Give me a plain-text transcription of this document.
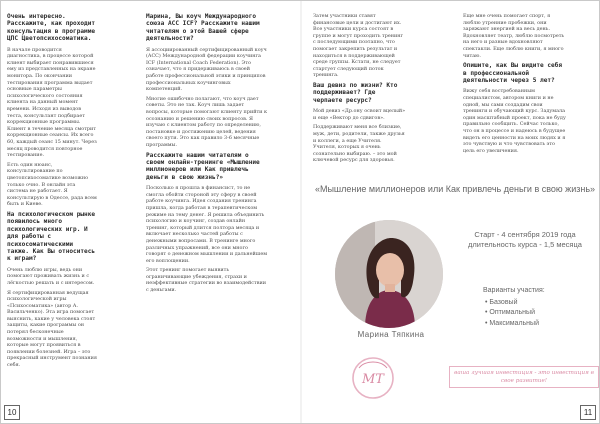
Очень интересно. Расскажите, как проходит консультация в программе ЦПС Цветопсихосоматика.

В начале проводится диагностика, в процессе которой клиент выбирает понравившиеся ему из представленных на экране монитора. По окончании тестирования программа выдает основные параметры психологического состояния клиента на данный момент времени. Исходя из выводов теста, консультант подбирает коррекционные программы. Клиент в течение месяца смотрит коррекционные сеансы. Их всего 60, каждый сеанс 15 минут. Через месяц проводится повторное тестирование.

Есть один нюанс, консультирование по цветопсихосоматике возможно только очно. В онлайн эта система не работает. Я консультирую в Одессе, рада всем быть и Киеве.

На психологическом рынке появилось много психологических игр. И для работы с психосоматическими также. Как Вы относитесь к играм?

Очень люблю игры, ведь они помогают проживать жизнь и с лёгкостью решать и с интересом.

Я сертифицированная ведущая психологической игры «Психосоматика» (автор А. Васильченко). Эта игра помогает выяснить, какие у человека стоят защиты, какие программы он потерял бесконечные возможности и мышления, которые могут проявиться в появлении болезней. Игра – это прекрасный инструмент познания себя.

Марина, Вы коуч Международного союза ACC ICF? Расскажите нашим читателям о этой Вашей сфере деятельности?

Я ассоциированный сертифицированный коуч (ACC) Международной федерации коучинга ICF (International Coach Federation). Это означает, что я придерживаюсь в своей работе профессиональной этики и принципов профессиональных коучинговых компетенций.

Многие ошибочно полагают, что коуч дает советы. Это не так. Коуч лишь задает вопросы, которые помогают клиенту прийти к осознанию и решению своих вопросов. Я изучаю с клиентом работу по определению, постановке и достижению целей, ведения своего пути. Это как правило 3-6 месячные программы.

Расскажите нашим читателям о своем онлайн-тренинге «Мышление миллионеров или Как привлечь деньги в свою жизнь?»

Посколько я прошла в финансист, то не смогла обойти стороной эту сферу в своей работе коучинга. Идея создания тренинга пришла, когда работая в терапевтическом режиме на тему денег. Я решила объединить психологию и коучинг, создав онлайн тренинг, который длится полтора месяца и включает несколько частей работы с денежными вопросами. В тренинге много различных упражнений, все они много говорят о денежном мышлении и дальнейшем его воплощении.

Этот тренинг помогает выявить ограничивающие убеждения, страхи и неэффективные стратегии во взаимодействии с деньгами.

Затем участники ставят финансовые цели и достигают их. Все участники курса состоят в группе и могут проходить тренинг с последующими поэтапно, что помогает закрепить результат и находиться в поддерживающей среде группы. Кстати, не следует стартует следующий поток тренинга.

Ваш девиз по жизни? Кто поддерживает? Где черпаете ресурс?

Мой девиз «Др.ону освоит вцелый» и еще «Вектор до сдвигов».

Поддерживают меня все близкие, муж, дети, родители, также друзья и коллеги, а еще Учителя. Учителя, которых я очень сознательно выбираю. – это мой ключевой ресурс для здоровья.

Еще мне очень помогает спорт, я люблю утренние пробежки, они заряжают энергией на весь день. Вдохновляет театр, люблю посмотреть на него и разные вдохновляют спектакли. Еще люблю книги, я много читаю.

Опишите, как Вы видите себя в профессиональной деятельности через 5 лет?

Вижу себя востребованным специалистом, автором книги и не одной, мы сами создадим свои тренинги и обучающий курс. Задумала один масштабный проект, пока не буду правильно сообщить. Сейчас только, что он в процессе и надеюсь в будущее видеть его ценности на моих людях и я это чувствую и что чувствовать это цель его увеличения.

«Мышление миллионеров или Как привлечь деньги в свою жизнь»
Марина Тяпкина
Старт - 4 сентября 2019 года
длительность курса - 1,5 месяца
Варианты участия:
• Базовый
• Оптимальный
• Максимальный
МТ	ваша лучшая инвестиция - это инвестиция в свое развитие!
10	11
